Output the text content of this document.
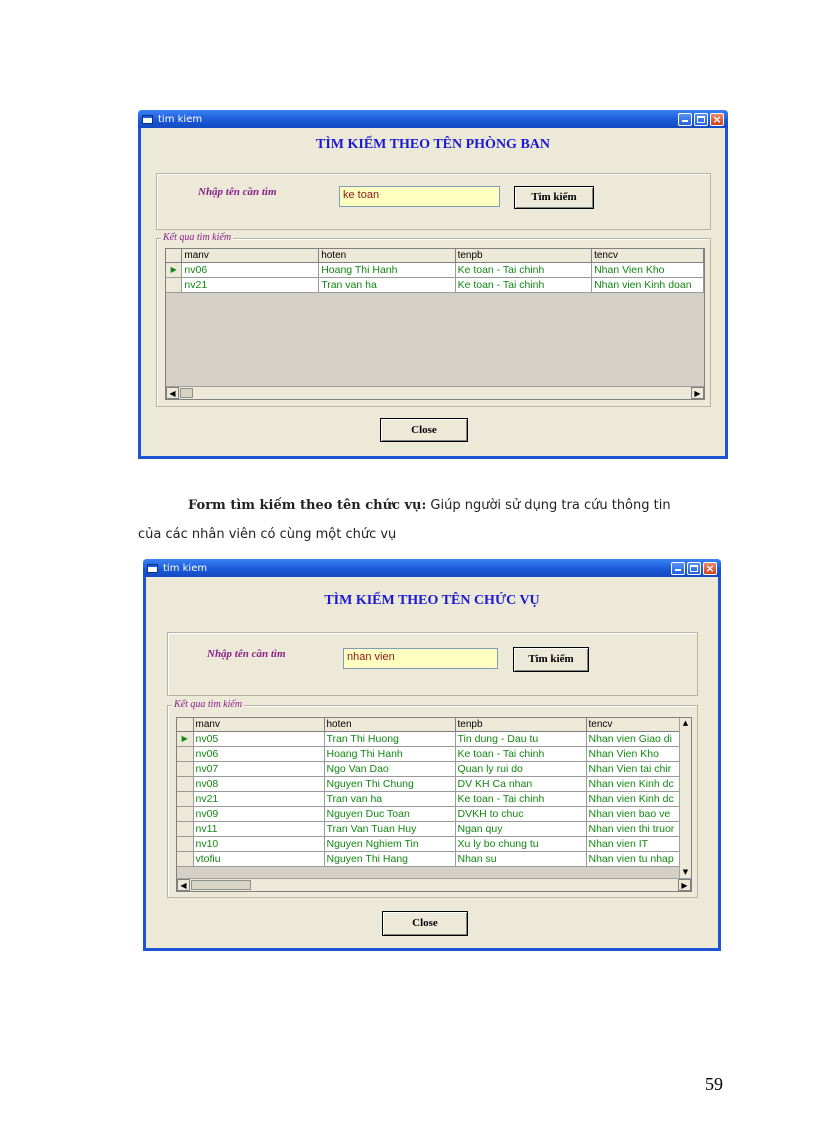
tim kiem	×
TÌM KIẾM THEO TÊN PHÒNG BAN
Nhập tên cần tìm	ke toan	Tim kiếm
Kết qua tìm kiếm
	manv	hoten	tenpb	tencv
▶	nv06	Hoang Thi Hanh	Ke toan - Tai chinh	Nhan Vien Kho
	nv21	Tran van ha	Ke toan - Tai chinh	Nhan vien Kinh doan
◀	▶
Close
Form tìm kiếm theo tên chức vụ: Giúp người sử dụng tra cứu thông tin
của các nhân viên có cùng một chức vụ
tim kiem	×
TÌM KIẾM THEO TÊN CHỨC VỤ
Nhập tên cần tìm	nhan vien	Tim kiếm
Kết qua tìm kiếm
	manv	hoten	tenpb	tencv
▶	nv05	Tran Thi Huong	Tin dung - Dau tu	Nhan vien Giao di
	nv06	Hoang Thi Hanh	Ke toan - Tai chinh	Nhan Vien Kho
	nv07	Ngo Van Dao	Quan ly rui do	Nhan Vien tai chir
	nv08	Nguyen Thi Chung	DV KH Ca nhan	Nhan vien Kinh dc
	nv21	Tran van ha	Ke toan - Tai chinh	Nhan vien Kinh dc
	nv09	Nguyen Duc Toan	DVKH to chuc	Nhan vien bao ve
	nv11	Tran Van Tuan Huy	Ngan quy	Nhan vien thi truor
	nv10	Nguyen Nghiem Tin	Xu ly bo chung tu	Nhan vien IT
	vtofiu	Nguyen Thi Hang	Nhan su	Nhan vien tu nhap
▲
▼
◀	▶
Close
59
